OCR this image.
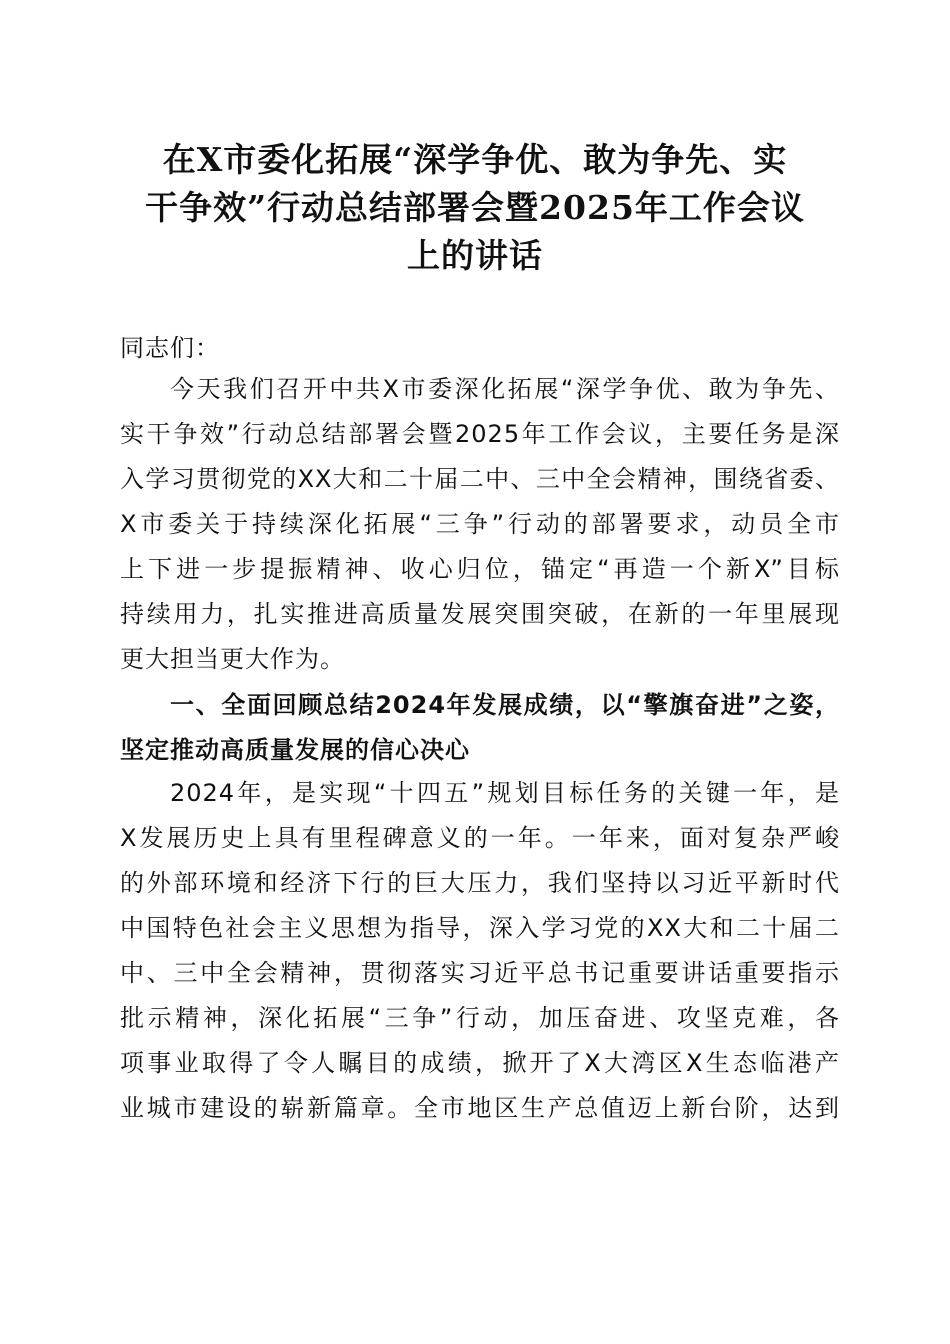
在X市委化拓展“深学争优、敢为争先、实
干争效”行动总结部署会暨2025年工作会议
上的讲话
同志们：
今天我们召开中共X市委深化拓展“深学争优、敢为争先、
实干争效”行动总结部署会暨2025年工作会议，主要任务是深
入学习贯彻党的XX大和二十届二中、三中全会精神，围绕省委、
X市委关于持续深化拓展“三争”行动的部署要求，动员全市
上下进一步提振精神、收心归位，锚定“再造一个新X”目标
持续用力，扎实推进高质量发展突围突破，在新的一年里展现
更大担当更大作为。
一、全面回顾总结2024年发展成绩，以“擎旗奋进”之姿，
坚定推动高质量发展的信心决心
2024年，是实现“十四五”规划目标任务的关键一年，是
X发展历史上具有里程碑意义的一年。一年来，面对复杂严峻
的外部环境和经济下行的巨大压力，我们坚持以习近平新时代
中国特色社会主义思想为指导，深入学习党的XX大和二十届二
中、三中全会精神，贯彻落实习近平总书记重要讲话重要指示
批示精神，深化拓展“三争”行动，加压奋进、攻坚克难，各
项事业取得了令人瞩目的成绩，掀开了X大湾区X生态临港产
业城市建设的崭新篇章。全市地区生产总值迈上新台阶，达到
